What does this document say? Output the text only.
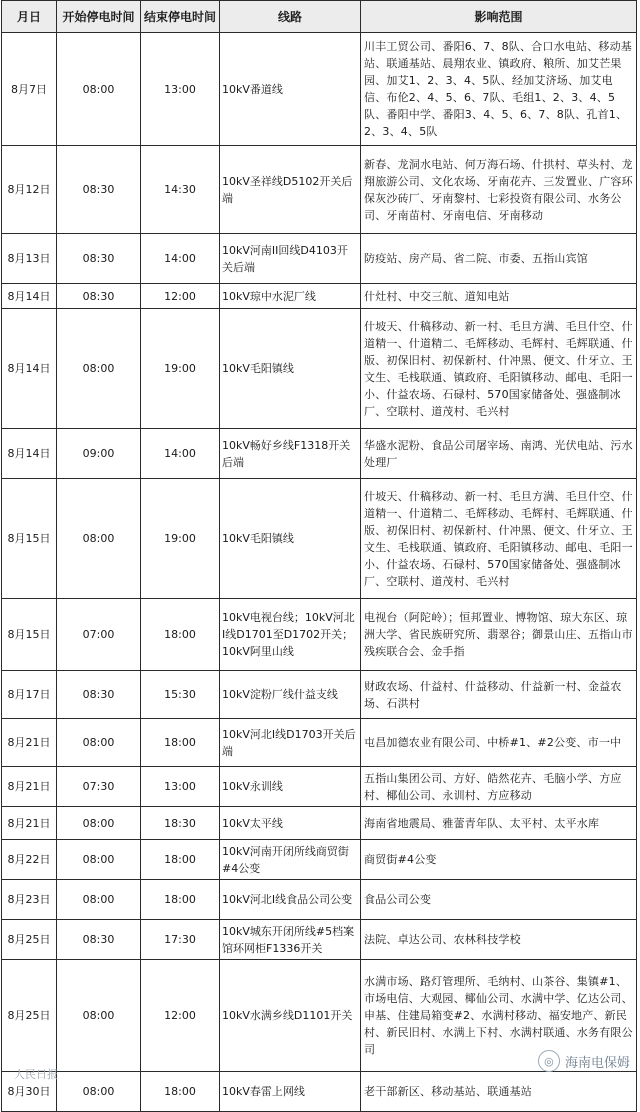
月日	开始停电时间	结束停电时间	线路	影响范围
8月7日	08:00	13:00	10kV番道线	川丰工贸公司、番阳6、7、8队、合口水电站、移动基站、联通基站、晨翔农业、镇政府、粮所、加艾芒果园、加艾1、2、3、4、5队、经加艾济场、加艾电信、布伦2、4、5、6、7队、毛组1、2、3、4、5队、番阳中学、番阳3、4、5、6、7、8队、孔首1、2、3、4、5队
8月12日	08:30	14:30	10kV圣祥线D5102开关后端	新春、龙洞水电站、何万海石场、什拱村、草头村、龙翔旅游公司、文化农场、牙南花卉、三发置业、广容环保灰沙砖厂、牙南黎村、七彩投资有限公司、水务公司、牙南苗村、牙南电信、牙南移动
8月13日	08:30	14:00	10kV河南II回线D4103开关后端	防疫站、房产局、省二院、市委、五指山宾馆
8月14日	08:30	12:00	10kV琼中水泥厂线	什灶村、中交三航、道知电站
8月14日	08:00	19:00	10kV毛阳镇线	什坡天、什稿移动、新一村、毛旦方满、毛旦什空、什道精一、什道精二、毛辉移动、毛辉村、毛辉联通、什版、初保旧村、初保新村、什冲黑、便文、什牙立、王文生、毛栈联通、镇政府、毛阳镇移动、邮电、毛阳一小、什益农场、石碌村、570国家储备处、强盛制冰厂、空联村、道茂村、毛兴村
8月14日	09:00	14:00	10kV畅好乡线F1318开关后端	华盛水泥粉、食品公司屠宰场、南鸿、光伏电站、污水处理厂
8月15日	08:00	19:00	10kV毛阳镇线	什坡天、什稿移动、新一村、毛旦方满、毛旦什空、什道精一、什道精二、毛辉移动、毛辉村、毛辉联通、什版、初保旧村、初保新村、什冲黑、便文、什牙立、王文生、毛栈联通、镇政府、毛阳镇移动、邮电、毛阳一小、什益农场、石碌村、570国家储备处、强盛制冰厂、空联村、道茂村、毛兴村
8月15日	07:00	18:00	10kV电视台线；10kV河北I线D1701至D1702开关；10kV阿里山线	电视台（阿陀岭）；恒邦置业、博物馆、琼大东区、琼洲大学、省民族研究所、翡翠谷；御景山庄、五指山市残疾联合会、金手指
8月17日	08:30	15:30	10kV淀粉厂线什益支线	财政农场、什益村、什益移动、什益新一村、金益农场、石洪村
8月21日	08:00	18:00	10kV河北I线D1703开关后端	屯昌加德农业有限公司、中桥#1、#2公变、市一中
8月21日	07:30	13:00	10kV永训线	五指山集团公司、方好、皓然花卉、毛脑小学、方应村、椰仙公司、永训村、方应移动
8月21日	08:00	18:30	10kV太平线	海南省地震局、雅蕾青年队、太平村、太平水库
8月22日	08:00	18:00	10kV河南开闭所线商贸街#4公变	商贸街#4公变
8月23日	08:00	18:00	10kV河北I线食品公司公变	食品公司公变
8月25日	08:30	17:30	10kV城东开闭所线#5档案馆环网柜F1336开关	法院、卓达公司、农林科技学校
8月25日	08:00	12:00	10kV水满乡线D1101开关	水满市场、路灯管理所、毛纳村、山茶谷、集镇#1、市场电信、大观园、椰仙公司、水满中学、亿达公司、申基、住建局箱变#2、水满村移动、福安地产、新民村、新民旧村、水满上下村、水满村联通、水务有限公司
8月30日	08:00	18:00	10kV春雷上网线	老干部新区、移动基站、联通基站
◎ 海南电保姆
人民日报
